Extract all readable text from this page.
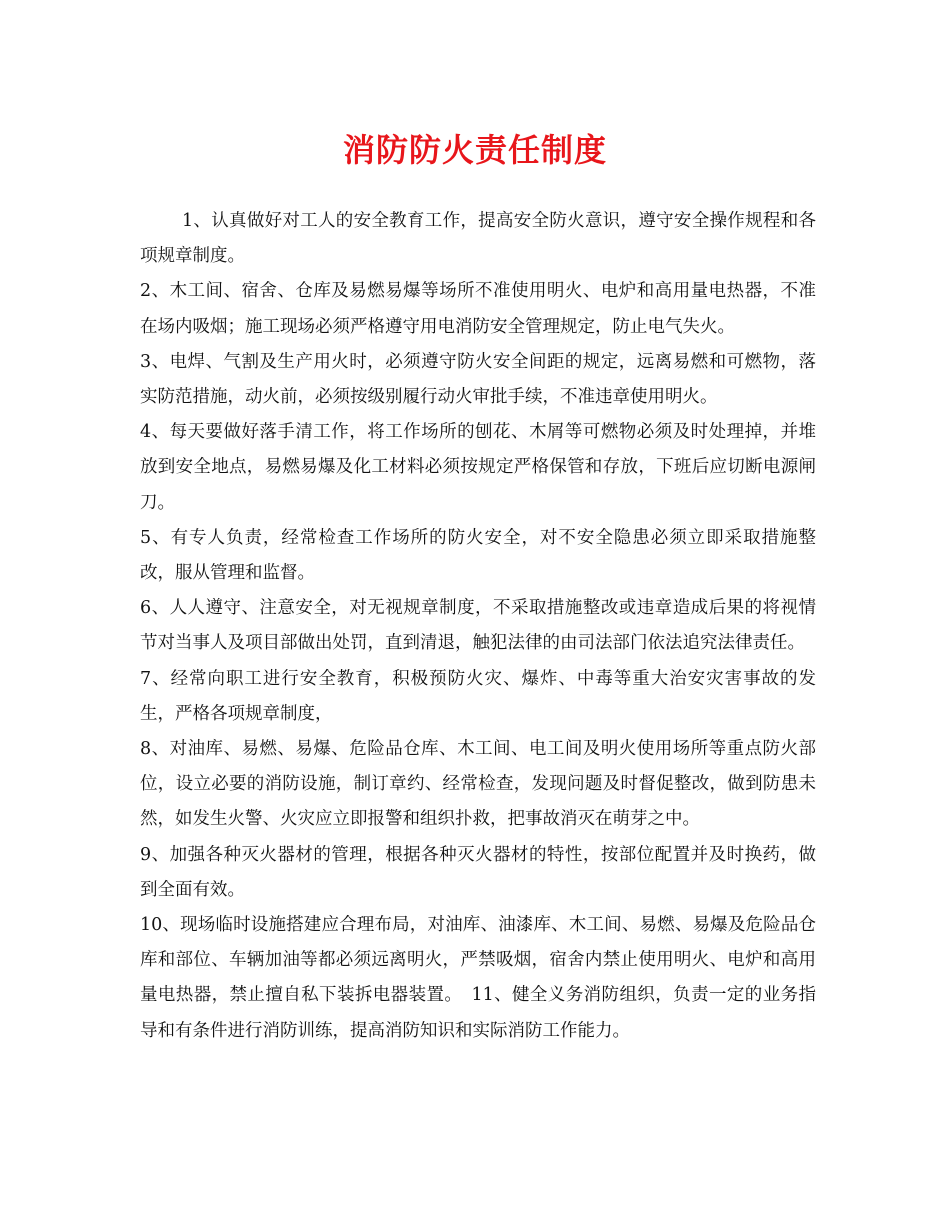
消防防火责任制度

1、认真做好对工人的安全教育工作，提高安全防火意识，遵守安全操作规程和各项规章制度。

2、木工间、宿舍、仓库及易燃易爆等场所不准使用明火、电炉和高用量电热器，不准在场内吸烟；施工现场必须严格遵守用电消防安全管理规定，防止电气失火。

3、电焊、气割及生产用火时，必须遵守防火安全间距的规定，远离易燃和可燃物，落实防范措施，动火前，必须按级别履行动火审批手续，不准违章使用明火。

4、每天要做好落手清工作，将工作场所的刨花、木屑等可燃物必须及时处理掉，并堆放到安全地点，易燃易爆及化工材料必须按规定严格保管和存放，下班后应切断电源闸刀。

5、有专人负责，经常检查工作场所的防火安全，对不安全隐患必须立即采取措施整改，服从管理和监督。

6、人人遵守、注意安全，对无视规章制度，不采取措施整改或违章造成后果的将视情节对当事人及项目部做出处罚，直到清退，触犯法律的由司法部门依法追究法律责任。

7、经常向职工进行安全教育，积极预防火灾、爆炸、中毒等重大治安灾害事故的发生，严格各项规章制度，

8、对油库、易燃、易爆、危险品仓库、木工间、电工间及明火使用场所等重点防火部位，设立必要的消防设施，制订章约、经常检查，发现问题及时督促整改，做到防患未然，如发生火警、火灾应立即报警和组织扑救，把事故消灭在萌芽之中。

9、加强各种灭火器材的管理，根据各种灭火器材的特性，按部位配置并及时换药，做到全面有效。

10、现场临时设施搭建应合理布局，对油库、油漆库、木工间、易燃、易爆及危险品仓库和部位、车辆加油等都必须远离明火，严禁吸烟，宿舍内禁止使用明火、电炉和高用量电热器，禁止擅自私下装拆电器装置。　11、健全义务消防组织，负责一定的业务指导和有条件进行消防训练，提高消防知识和实际消防工作能力。
